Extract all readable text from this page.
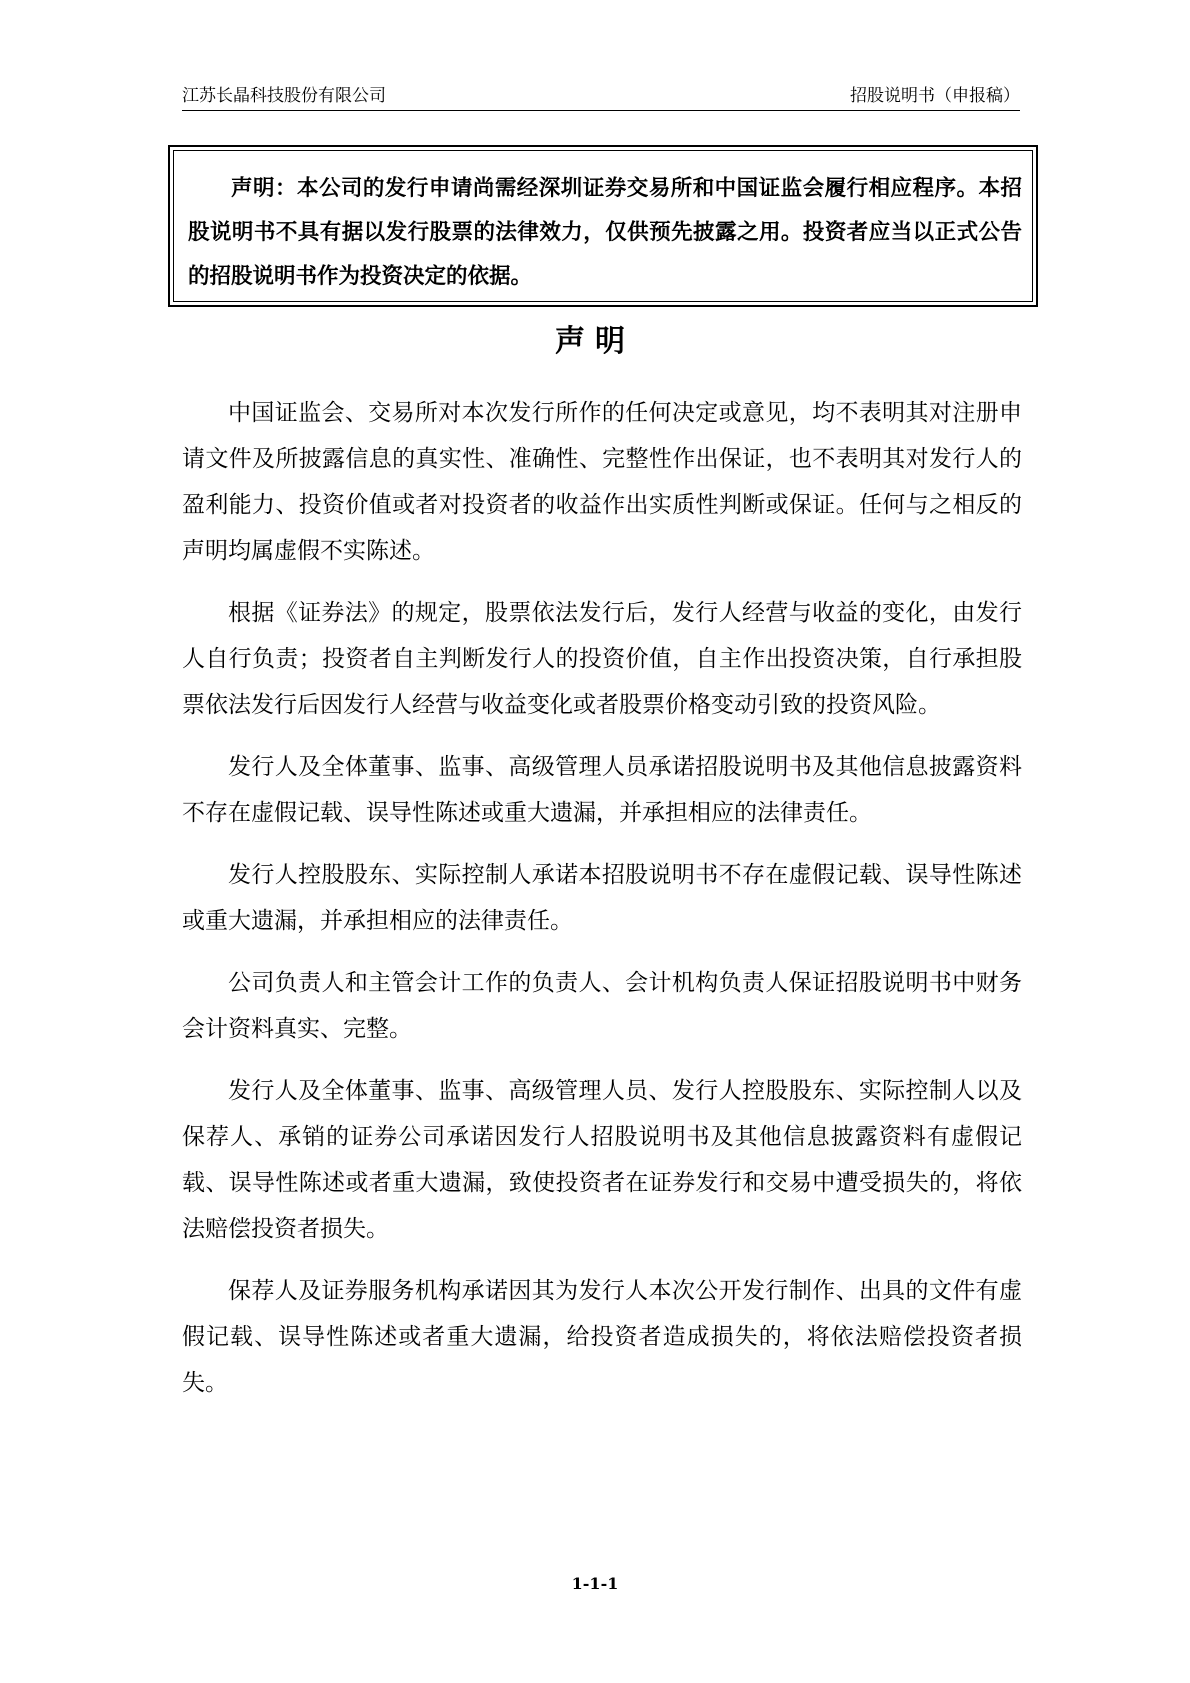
江苏长晶科技股份有限公司	招股说明书（申报稿）
声明：本公司的发行申请尚需经深圳证券交易所和中国证监会履行相应程序。本招股说明书不具有据以发行股票的法律效力，仅供预先披露之用。投资者应当以正式公告的招股说明书作为投资决定的依据。
声明

中国证监会、交易所对本次发行所作的任何决定或意见，均不表明其对注册申请文件及所披露信息的真实性、准确性、完整性作出保证，也不表明其对发行人的盈利能力、投资价值或者对投资者的收益作出实质性判断或保证。任何与之相反的声明均属虚假不实陈述。

根据《证券法》的规定，股票依法发行后，发行人经营与收益的变化，由发行人自行负责；投资者自主判断发行人的投资价值，自主作出投资决策，自行承担股票依法发行后因发行人经营与收益变化或者股票价格变动引致的投资风险。

发行人及全体董事、监事、高级管理人员承诺招股说明书及其他信息披露资料不存在虚假记载、误导性陈述或重大遗漏，并承担相应的法律责任。

发行人控股股东、实际控制人承诺本招股说明书不存在虚假记载、误导性陈述或重大遗漏，并承担相应的法律责任。

公司负责人和主管会计工作的负责人、会计机构负责人保证招股说明书中财务会计资料真实、完整。

发行人及全体董事、监事、高级管理人员、发行人控股股东、实际控制人以及保荐人、承销的证券公司承诺因发行人招股说明书及其他信息披露资料有虚假记载、误导性陈述或者重大遗漏，致使投资者在证券发行和交易中遭受损失的，将依法赔偿投资者损失。

保荐人及证券服务机构承诺因其为发行人本次公开发行制作、出具的文件有虚假记载、误导性陈述或者重大遗漏，给投资者造成损失的，将依法赔偿投资者损失。

1-1-1
